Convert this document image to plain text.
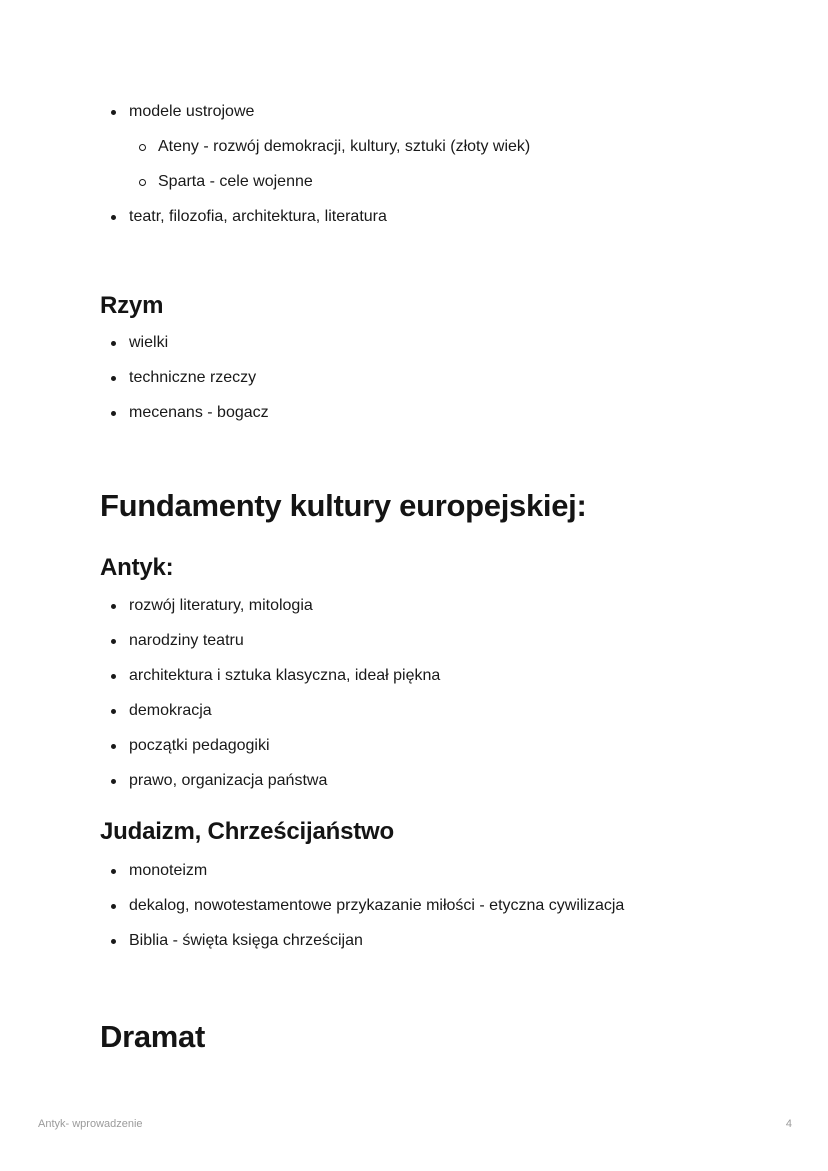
modele ustrojowe
Ateny - rozwój demokracji, kultury, sztuki (złoty wiek)
Sparta - cele wojenne
teatr, filozofia, architektura, literatura
Rzym
wielki
techniczne rzeczy
mecenans - bogacz
Fundamenty kultury europejskiej:
Antyk:
rozwój literatury, mitologia
narodziny teatru
architektura i sztuka klasyczna, ideał piękna
demokracja
początki pedagogiki
prawo, organizacja państwa
Judaizm, Chrześcijaństwo
monoteizm
dekalog, nowotestamentowe przykazanie miłości - etyczna cywilizacja
Biblia - święta księga chrześcijan
Dramat
Antyk- wprowadzenie	4
